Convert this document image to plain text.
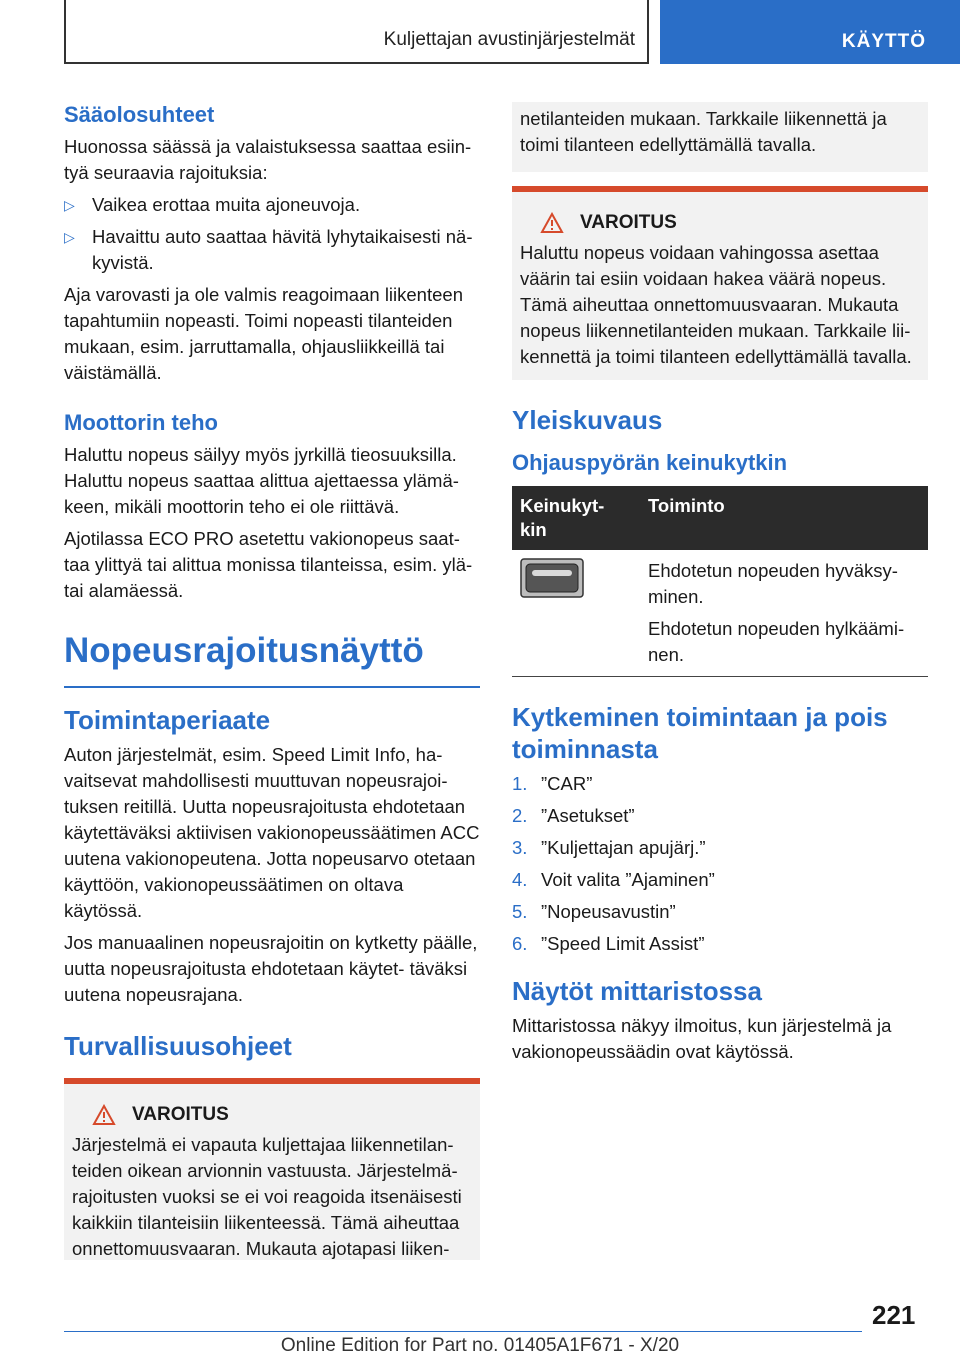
Kuljettajan avustinjärjestelmät	KÄYTTÖ
Sääolosuhteet

Huonossa säässä ja valaistuksessa saattaa esiin- tyä seuraavia rajoituksia:

▷ Vaikea erottaa muita ajoneuvoja.
▷ Havaittu auto saattaa hävitä lyhytaikaisesti nä- kyvistä.

Aja varovasti ja ole valmis reagoimaan liikenteen tapahtumiin nopeasti. Toimi nopeasti tilanteiden mukaan, esim. jarruttamalla, ohjausliikkeillä tai väistämällä.

Moottorin teho

Haluttu nopeus säilyy myös jyrkillä tieosuuksilla. Haluttu nopeus saattaa alittua ajettaessa ylämä- keen, mikäli moottorin teho ei ole riittävä.

Ajotilassa ECO PRO asetettu vakionopeus saat- taa ylittyä tai alittua monissa tilanteissa, esim. ylä- tai alamäessä.

Nopeusrajoitusnäyttö
Toimintaperiaate

Auton järjestelmät, esim. Speed Limit Info, ha- vaitsevat mahdollisesti muuttuvan nopeusrajoi- tuksen reitillä. Uutta nopeusrajoitusta ehdotetaan käytettäväksi aktiivisen vakionopeussäätimen ACC uutena vakionopeutena. Jotta nopeusarvo otetaan käyttöön, vakionopeussäätimen on oltava käytössä.

Jos manuaalinen nopeusrajoitin on kytketty päälle, uutta nopeusrajoitusta ehdotetaan käytet- täväksi uutena nopeusrajana.

Turvallisuusohjeet
VAROITUS

Järjestelmä ei vapauta kuljettajaa liikennetilan- teiden oikean arvionnin vastuusta. Järjestelmä- rajoitusten vuoksi se ei voi reagoida itsenäisesti kaikkiin tilanteisiin liikenteessä. Tämä aiheuttaa onnettomuusvaaran. Mukauta ajotapasi liiken-

netilanteiden mukaan. Tarkkaile liikennettä ja toimi tilanteen edellyttämällä tavalla.

VAROITUS

Haluttu nopeus voidaan vahingossa asettaa väärin tai esiin voidaan hakea väärä nopeus. Tämä aiheuttaa onnettomuusvaaran. Mukauta nopeus liikennetilanteiden mukaan. Tarkkaile lii- kennettä ja toimi tilanteen edellyttämällä tavalla.

Yleiskuvaus
Ohjauspyörän keinukytkin
Keinukyt- kin	Toiminto

Ehdotetun nopeuden hyväksy- minen.
Ehdotetun nopeuden hylkäämi- nen.
Kytkeminen toimintaan ja pois toiminnasta
1. ”CAR”
2. ”Asetukset”
3. ”Kuljettajan apujärj.”
4. Voit valita ”Ajaminen”
5. ”Nopeusavustin”
6. ”Speed Limit Assist”
Näytöt mittaristossa

Mittaristossa näkyy ilmoitus, kun järjestelmä ja vakionopeussäädin ovat käytössä.

221
Online Edition for Part no. 01405A1F671 - X/20
